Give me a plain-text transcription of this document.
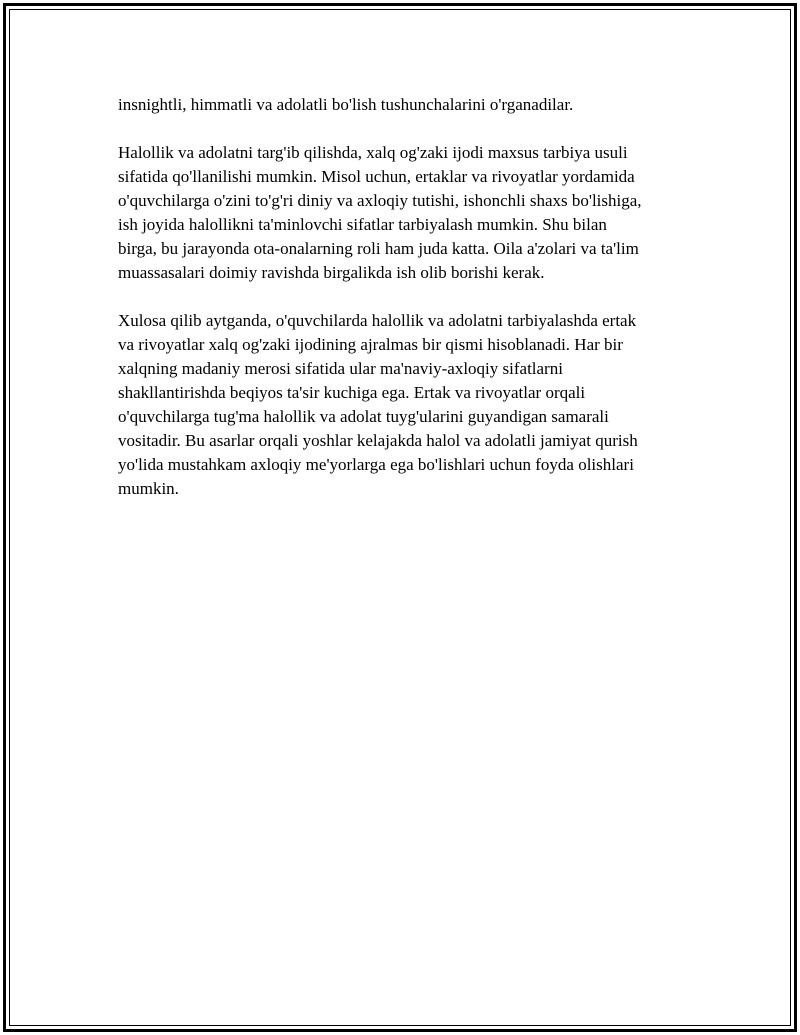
insnightli, himmatli va adolatli bo'lish tushunchalarini o'rganadilar.

Halollik va adolatni targ'ib qilishda, xalq og'zaki ijodi maxsus tarbiya usuli
sifatida qo'llanilishi mumkin. Misol uchun, ertaklar va rivoyatlar yordamida
o'quvchilarga o'zini to'g'ri diniy va axloqiy tutishi, ishonchli shaxs bo'lishiga,
ish joyida halollikni ta'minlovchi sifatlar tarbiyalash mumkin. Shu bilan
birga, bu jarayonda ota-onalarning roli ham juda katta. Oila a'zolari va ta'lim
muassasalari doimiy ravishda birgalikda ish olib borishi kerak.

Xulosa qilib aytganda, o'quvchilarda halollik va adolatni tarbiyalashda ertak
va rivoyatlar xalq og'zaki ijodining ajralmas bir qismi hisoblanadi. Har bir
xalqning madaniy merosi sifatida ular ma'naviy-axloqiy sifatlarni
shakllantirishda beqiyos ta'sir kuchiga ega. Ertak va rivoyatlar orqali
o'quvchilarga tug'ma halollik va adolat tuyg'ularini guyandigan samarali
vositadir. Bu asarlar orqali yoshlar kelajakda halol va adolatli jamiyat qurish
yo'lida mustahkam axloqiy me'yorlarga ega bo'lishlari uchun foyda olishlari
mumkin.
